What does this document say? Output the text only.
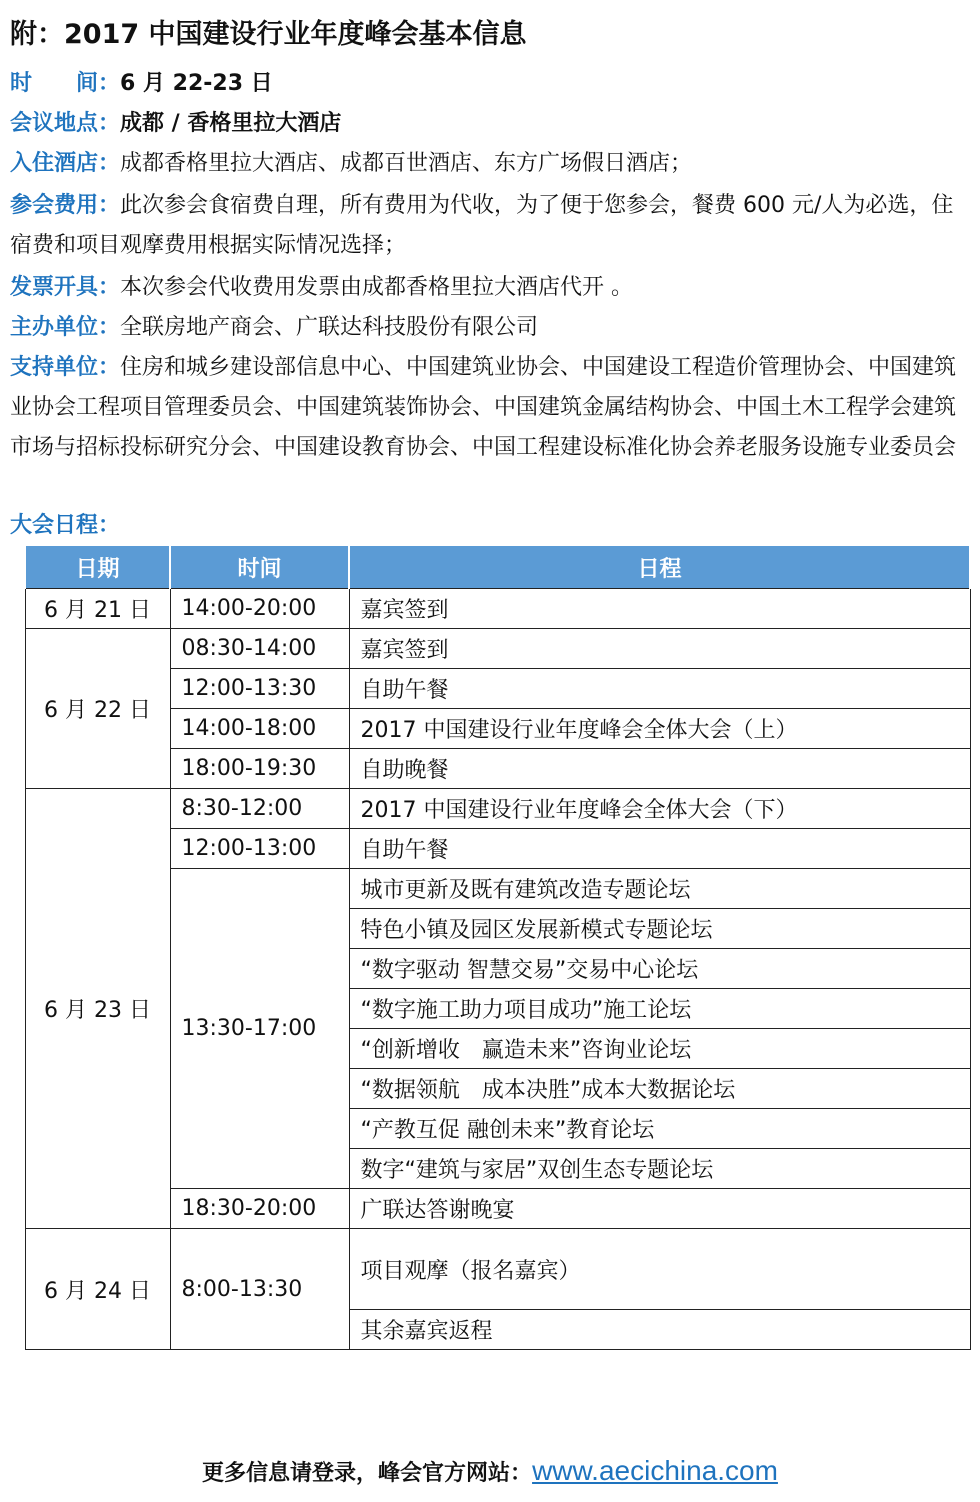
附：2017 中国建设行业年度峰会基本信息
时　　间：6 月 22-23 日
会议地点：成都 / 香格里拉大酒店
入住酒店：成都香格里拉大酒店、成都百世酒店、东方广场假日酒店；
参会费用：此次参会食宿费自理，所有费用为代收，为了便于您参会，餐费 600 元/人为必选，住宿费和项目观摩费用根据实际情况选择；
发票开具：本次参会代收费用发票由成都香格里拉大酒店代开 。
主办单位：全联房地产商会、广联达科技股份有限公司
支持单位：住房和城乡建设部信息中心、中国建筑业协会、中国建设工程造价管理协会、中国建筑业协会工程项目管理委员会、中国建筑装饰协会、中国建筑金属结构协会、中国土木工程学会建筑市场与招标投标研究分会、中国建设教育协会、中国工程建设标准化协会养老服务设施专业委员会
大会日程：
日期	时间	日程
6 月 21 日	14:00-20:00	嘉宾签到
6 月 22 日	08:30-14:00	嘉宾签到
	12:00-13:30	自助午餐
	14:00-18:00	2017 中国建设行业年度峰会全体大会（上）
	18:00-19:30	自助晚餐
6 月 23 日	8:30-12:00	2017 中国建设行业年度峰会全体大会（下）
	12:00-13:00	自助午餐
	13:30-17:00	城市更新及既有建筑改造专题论坛
		特色小镇及园区发展新模式专题论坛
		“数字驱动 智慧交易”交易中心论坛
		“数字施工助力项目成功”施工论坛
		“创新增收　赢造未来”咨询业论坛
		“数据领航　成本决胜”成本大数据论坛
		“产教互促 融创未来”教育论坛
		数字“建筑与家居”双创生态专题论坛
	18:30-20:00	广联达答谢晚宴
6 月 24 日	8:00-13:30	项目观摩（报名嘉宾）
		其余嘉宾返程
更多信息请登录，峰会官方网站：www.aecichina.com
